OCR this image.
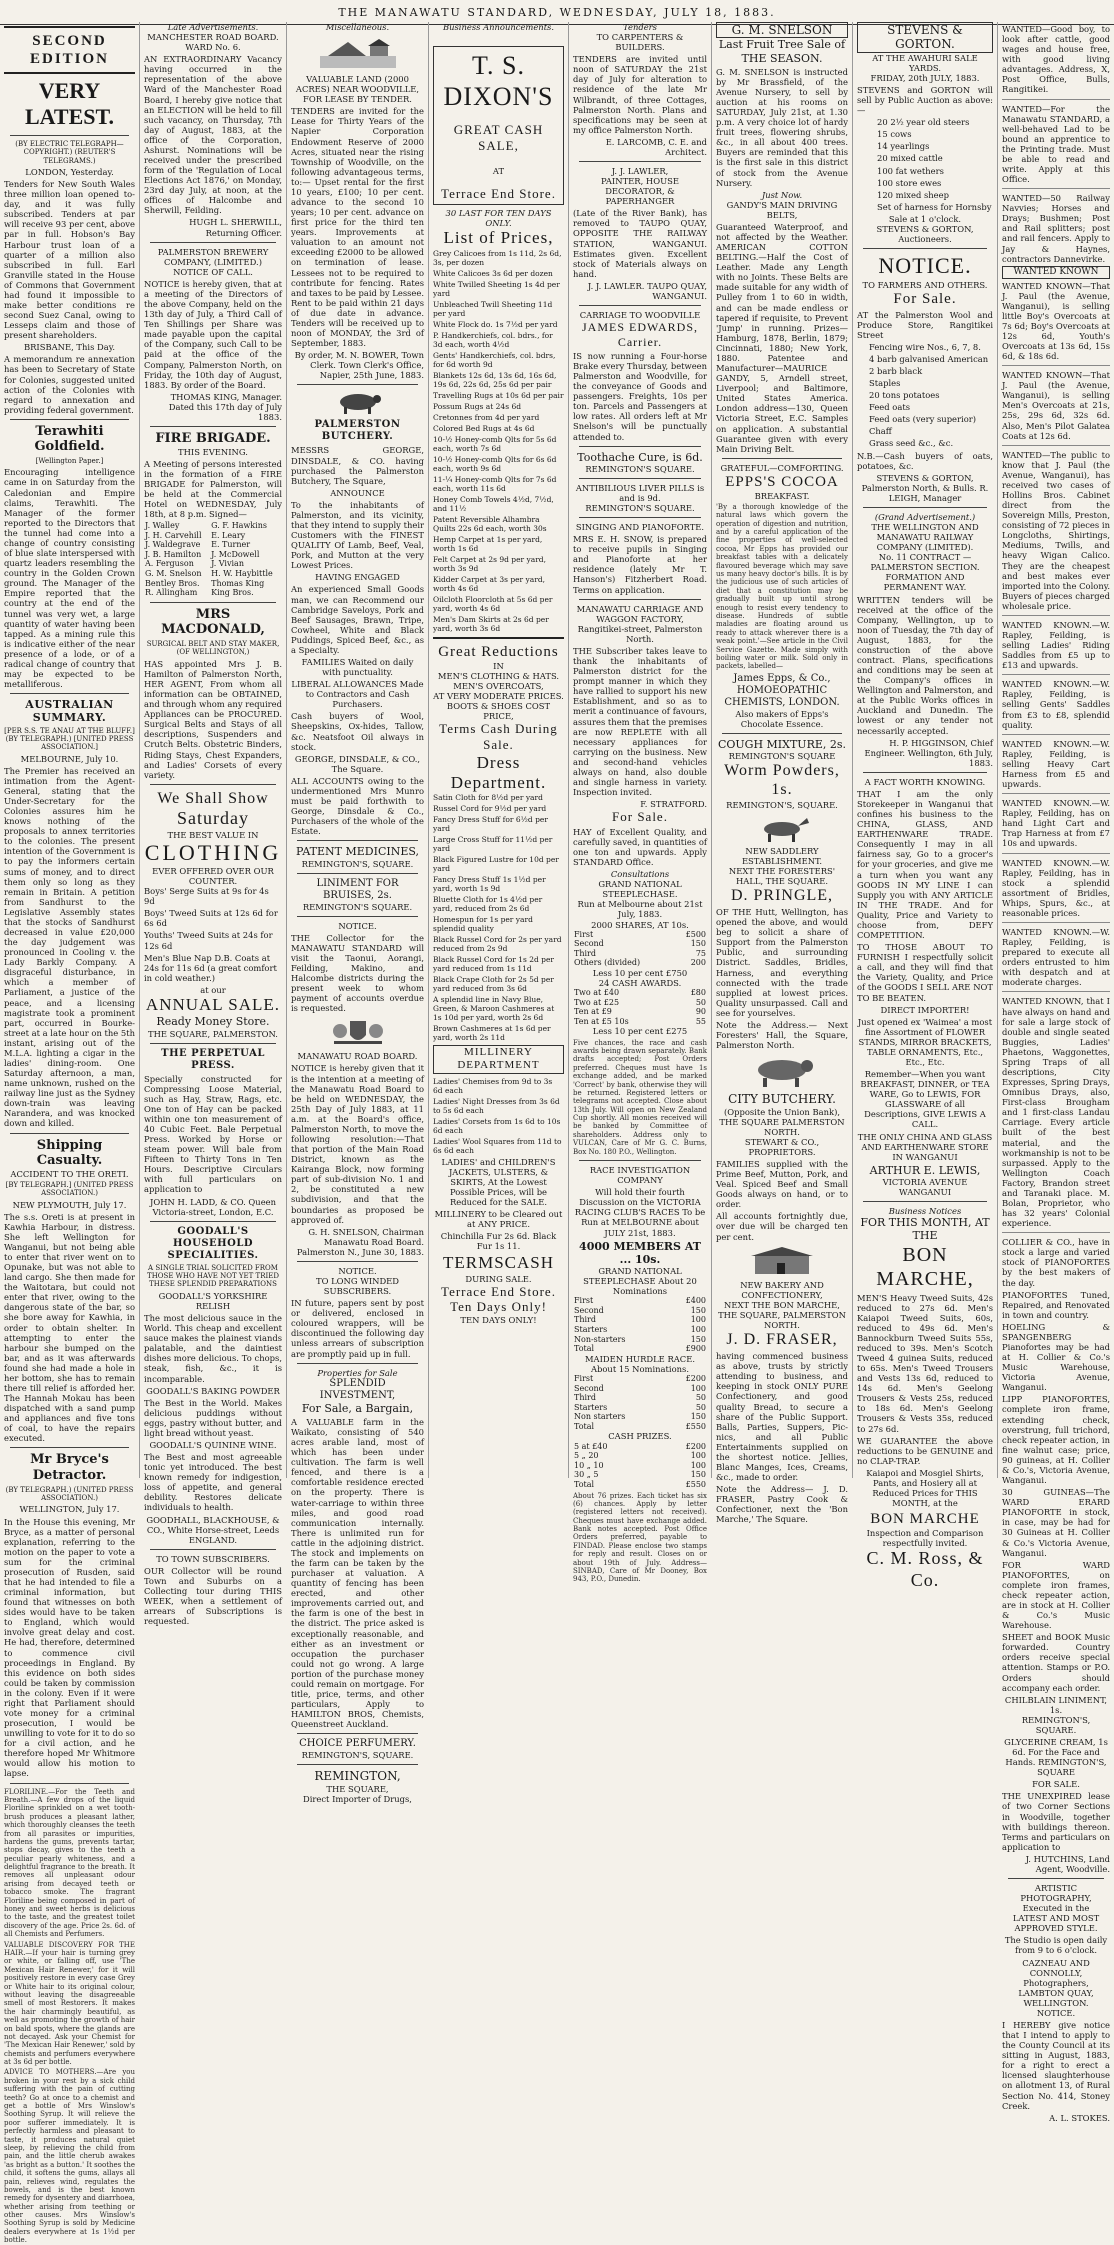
THE MANAWATU STANDARD, WEDNESDAY, JULY 18, 1883.
SECOND EDITION
VERY LATEST.
(BY ELECTRIC TELEGRAPH—COPYRIGHT.) (REUTER'S TELEGRAMS.)
LONDON, Yesterday.

Tenders for New South Wales three million loan opened to-day, and it was fully subscribed. Tenders at par will receive 93 per cent, above par in full. Hobson's Bay Harbour trust loan of a quarter of a million also subscribed in full. Earl Granville stated in the House of Commons that Government had found it impossible to make better conditions re second Suez Canal, owing to Lesseps claim and those of present shareholders.

BRISBANE, This Day.

A memorandum re annexation has been to Secretary of State for Colonies, suggested united action of the Colonies with regard to annexation and providing federal government.

Terawhiti Goldfield.
[Wellington Paper.]

Encouraging intelligence came in on Saturday from the Caledonian and Empire claims, Terawhiti. The Manager of the former reported to the Directors that the tunnel had come into a change of country consisting of blue slate interspersed with quartz leaders resembling the country in the Golden Crown ground. The Manager of the Empire reported that the country at the end of the tunnel was very wet, a large quantity of water having been tapped. As a mining rule this is indicative either of the near presence of a lode, or of a radical change of country that may be expected to be metalliferous.

AUSTRALIAN SUMMARY.
[PER S.S. TE ANAU AT THE BLUFF.] (BY TELEGRAPH.) [UNITED PRESS ASSOCIATION.]
MELBOURNE, July 10.

The Premier has received an intimation from the Agent-General, stating that the Under-Secretary for the Colonies assures him he knows nothing of the proposals to annex territories to the colonies. The present intention of the Government is to pay the informers certain sums of money, and to direct them only so long as they remain in Britain. A petition from Sandhurst to the Legislative Assembly states that the stocks of Sandhurst decreased in value £20,000 the day judgement was pronounced in Cooling v. the Lady Barkly Company. A disgraceful disturbance, in which a member of Parliament, a justice of the peace, and a licensing magistrate took a prominent part, occurred in Bourke-street at a late hour on the 5th instant, arising out of the M.L.A. lighting a cigar in the ladies' dining-room. One Saturday afternoon, a man, name unknown, rushed on the railway line just as the Sydney down-train was leaving Narandera, and was knocked down and killed.

Shipping Casualty.
ACCIDENT TO THE ORETI.
[BY TELEGRAPH.] (UNITED PRESS ASSOCIATION.)
NEW PLYMOUTH, July 17.

The s.s. Oreti is at present in Kawhia Harbour, in distress. She left Wellington for Wanganui, but not being able to enter that river went on to Opunake, but was not able to land cargo. She then made for the Waitotara, but could not enter that river, owing to the dangerous state of the bar, so she bore away for Kawhia, in order to obtain shelter. In attempting to enter the harbour she bumped on the bar, and as it was afterwards found she had made a hole in her bottom, she has to remain there till relief is afforded her. The Hannah Mokau has been dispatched with a sand pump and appliances and five tons of coal, to have the repairs executed.

Mr Bryce's Detractor.
(BY TELEGRAPH.) (UNITED PRESS ASSOCIATION.)
WELLINGTON, July 17.

In the House this evening, Mr Bryce, as a matter of personal explanation, referring to the motion on the paper to vote a sum for the criminal prosecution of Rusden, said that he had intended to file a criminal information, but found that witnesses on both sides would have to be taken to England, which would involve great delay and cost. He had, therefore, determined to commence civil proceedings in England. By this evidence on both sides could be taken by commission in the colony. Even if it were right that Parliament should vote money for a criminal prosecution, I would be unwilling to vote for it to do so for a civil action, and he therefore hoped Mr Whitmore would allow his motion to lapse.

FLORILINE.—For the Teeth and Breath.—A few drops of the liquid Floriline sprinkled on a wet tooth-brush produces a pleasant lather, which thoroughly cleanses the teeth from all parasites or impurities, hardens the gums, prevents tartar, stops decay, gives to the teeth a peculiar pearly whiteness, and a delightful fragrance to the breath. It removes all unpleasant odour arising from decayed teeth or tobacco smoke. The fragrant Floriline being composed in part of honey and sweet herbs is delicious to the taste, and the greatest toilet discovery of the age. Price 2s. 6d. of all Chemists and Perfumers.

VALUABLE DISCOVERY FOR THE HAIR.—If your hair is turning grey or white, or falling off, use 'The Mexican Hair Renewer,' for it will positively restore in every case Grey or White hair to its original colour, without leaving the disagreeable smell of most Restorers. It makes the hair charmingly beautiful, as well as promoting the growth of hair on bald spots, where the glands are not decayed. Ask your Chemist for 'The Mexican Hair Renewer,' sold by chemists and perfumers everywhere at 3s 6d per bottle.

ADVICE TO MOTHERS.—Are you broken in your rest by a sick child suffering with the pain of cutting teeth? Go at once to a chemist and get a bottle of Mrs Winslow's Soothing Syrup. It will relieve the poor sufferer immediately. It is perfectly harmless and pleasant to taste, it produces natural quiet sleep, by relieving the child from pain, and the little cherub awakes 'as bright as a button.' It soothes the child, it softens the gums, allays all pain, relieves wind, regulates the bowels, and is the best known remedy for dysentery and diarrhoea, whether arising from teething or other causes. Mrs Winslow's Soothing Syrup is sold by Medicine dealers everywhere at 1s 1½d per bottle.

Late Advertisements.
MANCHESTER ROAD BOARD.
WARD No. 6.

AN EXTRAORDINARY Vacancy having occurred in the representation of the above Ward of the Manchester Road Board, I hereby give notice that an ELECTION will be held to fill such vacancy, on Thursday, 7th day of August, 1883, at the office of the Corporation, Ashurst. Nominations will be received under the prescribed form of the 'Regulation of Local Elections Act 1876,' on Monday, 23rd day July, at noon, at the offices of Halcombe and Sherwill, Feilding.

HUGH L. SHERWILL, Returning Officer.
PALMERSTON BREWERY COMPANY, (LIMITED.)
NOTICE OF CALL.

NOTICE is hereby given, that at a meeting of the Directors of the above Company, held on the 13th day of July, a Third Call of Ten Shillings per Share was made payable upon the capital of the Company, such Call to be paid at the office of the Company, Palmerston North, on Friday, the 10th day of August, 1883. By order of the Board.

THOMAS KING, Manager. Dated this 17th day of July 1883.
FIRE BRIGADE.
THIS EVENING.

A Meeting of persons interested in the formation of a FIRE BRIGADE for Palmerston, will be held at the Commercial Hotel on WEDNESDAY, July 18th, at 8 p.m. Signed—

J. Walley	G. F. Hawkins
J. H. Carvehill	E. Leary
J. Waldegrave	E. Turner
J. B. Hamilton	J. McDowell
A. Ferguson	J. Vivian
G. M. Snelson	H. W. Haybittle
Bentley Bros.	Thomas King
R. Allingham	King Bros.
MRS MACDONALD,
SURGICAL BELT AND STAY MAKER, (OF WELLINGTON,)

HAS appointed Mrs J. B. Hamilton of Palmerston North, HER AGENT, From whom all information can be OBTAINED, and through whom any required Appliances can be PROCURED. Surgical Belts and Stays of all descriptions, Suspenders and Crutch Belts. Obstetric Binders, Riding Stays, Chest Expanders, and Ladies' Corsets of every variety.

We Shall Show
Saturday
THE BEST VALUE IN
CLOTHING
EVER OFFERED OVER OUR COUNTER.
Boys' Serge Suits at 9s for 4s 9d
Boys' Tweed Suits at 12s 6d for 6s 6d
Youths' Tweed Suits at 24s for 12s 6d
Men's Blue Nap D.B. Coats at 24s for 11s 6d (a great comfort in cold weather.)
at our
ANNUAL SALE.
Ready Money Store.
THE SQUARE, PALMERSTON.
THE PERPETUAL PRESS.

Specially constructed for Compressing Loose Material, such as Hay, Straw, Rags, etc. One ton of Hay can be packed within one ton measurement of 40 Cubic Feet. Bale Perpetual Press. Worked by Horse or steam power. Will bale from Fifteen to Thirty Tons in Ten Hours. Descriptive Circulars with full particulars on application to

JOHN H. LADD, & CO. Queen Victoria-street, London, E.C.
GOODALL'S HOUSEHOLD SPECIALITIES.
A SINGLE TRIAL SOLICITED FROM THOSE WHO HAVE NOT YET TRIED THESE SPLENDID PREPARATIONS
GOODALL'S YORKSHIRE RELISH

The most delicious sauce in the World. This cheap and excellent sauce makes the plainest viands palatable, and the daintiest dishes more delicious. To chops, steak, fish, &c., it is incomparable.

GOODALL'S BAKING POWDER

The Best in the World. Makes delicious puddings without eggs, pastry without butter, and light bread without yeast.

GOODALL'S QUININE WINE.

The Best and most agreeable tonic yet introduced. The best known remedy for indigestion, loss of appetite, and general debility. Restores delicate individuals to health.

GOODHALL, BLACKHOUSE, & CO., White Horse-street, Leeds ENGLAND.
TO TOWN SUBSCRIBERS.

OUR Collector will be round Town and Suburbs on a Collecting tour during THIS WEEK, when a settlement of arrears of Subscriptions is requested.

Miscellaneous.
VALUABLE LAND (2000 ACRES) NEAR WOODVILLE, FOR LEASE BY TENDER.

TENDERS are invited for the Lease for Thirty Years of the Napier Corporation Endowment Reserve of 2000 Acres, situated near the rising Township of Woodville, on the following advantageous terms, to:— Upset rental for the first 10 years, £100; 10 per cent. advance to the second 10 years; 10 per cent. advance on first price for the third ten years. Improvements at valuation to an amount not exceeding £2000 to be allowed on termination of lease. Lessees not to be required to contribute for fencing. Rates and taxes to be paid by Lessee. Rent to be paid within 21 days of due date in advance. Tenders will be received up to noon of MONDAY, the 3rd of September, 1883.

By order, M. N. BOWER, Town Clerk. Town Clerk's Office, Napier, 25th June, 1883.
PALMERSTON BUTCHERY.

MESSRS GEORGE, DINSDALE, & CO. having purchased the Palmerston Butchery, The Square,

ANNOUNCE

To the inhabitants of Palmerston, and its vicinity, that they intend to supply their Customers with the FINEST QUALITY Of Lamb, Beef, Veal, Pork, and Mutton at the very Lowest Prices.

HAVING ENGAGED

An experienced Small Goods man, we can Recommend our Cambridge Saveloys, Pork and Beef Sausages, Brawn, Tripe, Cowheel, White and Black Puddings, Spiced Beef, &c., as a Specialty.

FAMILIES Waited on daily with punctuality.

LIBERAL ALLOWANCES Made to Contractors and Cash Purchasers.

Cash buyers of Wool, Sheepskins, Ox-hides, Tallow, &c. Neatsfoot Oil always in stock.

GEORGE, DINSDALE, & CO., The Square.

ALL ACCOUNTS owing to the undermentioned Mrs Munro must be paid forthwith to George, Dinsdale & Co., Purchasers of the whole of the Estate.

PATENT MEDICINES,
REMINGTON'S, SQUARE.
LINIMENT FOR BRUISES, 2s.
REMINGTON'S SQUARE.
NOTICE.

THE Collector for the MANAWATU STANDARD will visit the Taonui, Aorangi, Feilding, Makino, and Halcombe districts during the present week to whom payment of accounts overdue is requested.

MANAWATU ROAD BOARD.

NOTICE is hereby given that it is the intention at a meeting of the Manawatu Road Board to be held on WEDNESDAY, the 25th Day of July 1883, at 11 a.m. at the Board's office, Palmerston North, to move the following resolution:—That that portion of the Main Road District, known as the Kairanga Block, now forming part of sub-division No. 1 and 2, be constituted a new subdivision, and that the boundaries as proposed be approved of.

G. H. SNELSON, Chairman Manawatu Road Board. Palmerston N., June 30, 1883.
NOTICE.
TO LONG WINDED SUBSCRIBERS.

IN future, papers sent by post or delivered, enclosed in coloured wrappers, will be discontinued the following day unless arrears of subscription are promptly paid up in full.

Properties for Sale
SPLENDID INVESTMENT,
For Sale, a Bargain,

A VALUABLE farm in the Waikato, consisting of 540 acres arable land, most of which has been under cultivation. The farm is well fenced, and there is a comfortable residence erected on the property. There is water-carriage to within three miles, and good road communication internally. There is unlimited run for cattle in the adjoining district. The stock and implements on the farm can be taken by the purchaser at valuation. A quantity of fencing has been erected, and other improvements carried out, and the farm is one of the best in the district. The price asked is exceptionally reasonable, and either as an investment or occupation the purchaser could not go wrong. A large portion of the purchase money could remain on mortgage. For title, price, terms, and other particulars, Apply to HAMILTON BROS, Chemists, Queenstreet Auckland.

CHOICE PERFUMERY.
REMINGTON'S, SQUARE.
REMINGTON,
THE SQUARE,
Direct Importer of Drugs,
Business Announcements.
T. S. DIXON'S
GREAT CASH SALE,
AT
Terrace End Store.
30 LAST FOR TEN DAYS ONLY.
List of Prices,
Grey Calicoes from 1s 11d, 2s 6d, 3s, per dozen
White Calicoes 3s 6d per dozen
White Twilled Sheeting 1s 4d per yard
Unbleached Twill Sheeting 11d per yard
White Flock do. 1s 7½d per yard
P. Handkerchiefs, col. bdrs., for 3d each, worth 4½d
Gents' Handkerchiefs, col. bdrs, for 6d worth 9d
Blankets 12s 6d, 13s 6d, 16s 6d, 19s 6d, 22s 6d, 25s 6d per pair
Travelling Rugs at 10s 6d per pair
Possum Rugs at 24s 6d
Cretonnes from 4d per yard
Colored Bed Rugs at 4s 6d
10-½ Honey-comb Qlts for 5s 6d each, worth 7s 6d
10-½ Honey-comb Qlts for 6s 6d each, worth 9s 6d
11-¼ Honey-comb Qlts for 7s 6d each, worth 11s 6d
Honey Comb Towels 4½d, 7½d, and 11½
Patent Reversible Alhambra Quilts 22s 6d each, worth 30s
Hemp Carpet at 1s per yard, worth 1s 6d
Felt Carpet at 2s 9d per yard, worth 3s 9d
Kidder Carpet at 3s per yard, worth 4s 6d
Oilcloth Floorcloth at 5s 6d per yard, worth 4s 6d
Men's Dam Skirts at 2s 6d per yard, worth 3s 6d
Great Reductions
IN
MEN'S CLOTHING & HATS.
MEN'S OVERCOATS,
AT VERY MODERATE PRICES.
BOOTS & SHOES COST PRICE,
Terms Cash During Sale.
Dress Department.
Satin Cloth for 8½d per yard
Russel Cord for 9½d per yard
Fancy Dress Stuff for 6½d per yard
Large Cross Stuff for 11½d per yard
Black Figured Lustre for 10d per yard
Fancy Dress Stuff 1s 1½d per yard, worth 1s 9d
Bluette Cloth for 1s 4½d per yard, reduced from 2s 6d
Homespun for 1s per yard splendid quality
Black Russel Cord for 2s per yard reduced from 2s 9d
Black Russel Cord for 1s 2d per yard reduced from 1s 11d
Black Crape Cloth for 2s 5d per yard reduced from 3s 6d
A splendid line in Navy Blue, Green, & Maroon Cashmeres at 1s 10d per yard, worth 2s 6d
Brown Cashmeres at 1s 6d per yard, worth 2s 11d
MILLINERY DEPARTMENT
Ladies' Chemises from 9d to 3s 6d each
Ladies' Night Dresses from 3s 6d to 5s 6d each
Ladies' Corsets from 1s 6d to 10s 6d each
Ladies' Wool Squares from 11d to 6s 6d each

LADIES' and CHILDREN'S JACKETS, ULSTERS, & SKIRTS, At the Lowest Possible Prices, will be Reduced for the SALE.

MILLINERY to be Cleared out at ANY PRICE.

Chinchilla Fur 2s 6d. Black Fur 1s 11.

TERMSCASH
DURING SALE.
Terrace End Store.
Ten Days Only!
TEN DAYS ONLY!
Tenders
TO CARPENTERS & BUILDERS.

TENDERS are invited until noon of SATURDAY the 21st day of July for alteration to residence of the late Mr Wilbrandt, of three Cottages, Palmerston North. Plans and specifications may be seen at my office Palmerston North.

E. LARCOMB, C. E. and Architect.
J. J. LAWLER,
PAINTER, HOUSE DECORATOR, & PAPERHANGER

(Late of the River Bank), has removed to TAUPO QUAY, OPPOSITE THE RAILWAY STATION, WANGANUI. Estimates given. Excellent stock of Materials always on hand.

J. J. LAWLER. TAUPO QUAY, WANGANUI.
CARRIAGE TO WOODVILLE
JAMES EDWARDS, Carrier.

IS now running a Four-horse Brake every Thursday, between Palmerston and Woodville, for the conveyance of Goods and passengers. Freights, 10s per ton. Parcels and Passengers at low rates. All orders left at Mr Snelson's will be punctually attended to.

Toothache Cure, is 6d.
REMINGTON'S SQUARE.
ANTIBILIOUS LIVER PILLS is and is 9d.
REMINGTON'S SQUARE.
SINGING AND PIANOFORTE.

MRS E. H. SNOW, is prepared to receive pupils in Singing and Pianoforte at her residence (lately Mr T. Hanson's) Fitzherbert Road. Terms on application.

MANAWATU CARRIAGE AND WAGGON FACTORY,
Rangitikei-street, Palmerston North.

THE Subscriber takes leave to thank the inhabitants of Palmerston district for the prompt manner in which they have rallied to support his new Establishment, and so as to merit a continuance of favours, assures them that the premises are now REPLETE with all necessary appliances for carrying on the business. New and second-hand vehicles always on hand, also double and single harness in variety. Inspection invited.

F. STRATFORD.
For Sale.

HAY of Excellent Quality, and carefully saved, in quantities of one ton and upwards. Apply STANDARD Office.

Consultations
GRAND NATIONAL STEEPLECHASE.
Run at Melbourne about 21st July, 1883.
2000 SHARES, AT 10s.
First	£500
Second	150
Third	75
Others (divided)	200
Less 10 per cent £750
24 CASH AWARDS.
Two at £40	£80
Two at £25	50
Ten at £9	90
Ten at £5 10s	55
Less 10 per cent £275

Five chances, the race and cash awards being drawn separately. Bank drafts accepted; Post Orders preferred. Cheques must have 1s exchange added, and be marked 'Correct' by bank, otherwise they will be returned. Registered letters or telegrams not accepted. Close about 13th July. Will open on New Zealand Cup shortly. All monies received will be banked by Committee of shareholders. Address only to VULCAN, Care of Mr G. C. Burns, Box No. 180 P.O., Wellington.

RACE INVESTIGATION COMPANY

Will hold their fourth Discussion on the VICTORIA RACING CLUB'S RACES To be Run at MELBOURNE about JULY 21st, 1883.

4000 MEMBERS AT ... 10s.
GRAND NATIONAL STEEPLECHASE About 20 Nominations
First	£400
Second	150
Third	100
Starters	100
Non-starters	150
Total	£900
MAIDEN HURDLE RACE. About 15 Nominations.
First	£200
Second	100
Third	50
Starters	50
Non starters	150
Total	£550
CASH PRIZES.
5 at £40	£200
5 „ 20	100
10 „ 10	100
30 „ 5	150
Total	£550

About 76 prizes. Each ticket has six (6) chances. Apply by letter (registered letters not received). Cheques must have exchange added. Bank notes accepted. Post Office Orders preferred, payable to FINDAD. Please enclose two stamps for reply and result. Closes on or about 19th of July. Address— SINBAD, Care of Mr Dooney, Box 943, P.O., Dunedin.

G. M. SNELSON
Last Fruit Tree Sale of THE SEASON.

G. M. SNELSON is instructed by Mr Brassfield, of the Avenue Nursery, to sell by auction at his rooms on SATURDAY, July 21st, at 1.30 p.m. A very choice lot of hardy fruit trees, flowering shrubs, &c., in all about 400 trees. Buyers are reminded that this is the first sale in this district of stock from the Avenue Nursery.

Just Now.
GANDY'S MAIN DRIVING BELTS,

Guaranteed Waterproof, and not affected by the Weather. AMERICAN COTTON BELTING.—Half the Cost of Leather. Made any Length with no Joints. These Belts are made suitable for any width of Pulley from 1 to 60 in width, and can be made endless or tapered if requisite, to Prevent 'Jump' in running. Prizes—Hamburg, 1878, Berlin, 1879; Cincinnati, 1880; New York, 1880. Patentee and Manufacturer—MAURICE GANDY, 5, Arndell street, Liverpool; and Baltimore, United States America. London address—130, Queen Victoria Street, E.C. Samples on application. A substantial Guarantee given with every Main Driving Belt.

GRATEFUL—COMFORTING.
EPPS'S COCOA
BREAKFAST.

'By a thorough knowledge of the natural laws which govern the operation of digestion and nutrition, and by a careful application of the fine properties of well-selected cocoa, Mr Epps has provided our breakfast tables with a delicately flavoured beverage which may save us many heavy doctor's bills. It is by the judicious use of such articles of diet that a constitution may be gradually built up until strong enough to resist every tendency to disease. Hundreds of subtle maladies are floating around us ready to attack wherever there is a weak point.'—See article in the Civil Service Gazette. Made simply with boiling water or milk. Sold only in packets, labelled—

James Epps, & Co., HOMOEOPATHIC CHEMISTS, LONDON.
Also makers of Epps's Chocolate Essence.
COUGH MIXTURE, 2s.
REMINGTON'S SQUARE
Worm Powders, 1s.
REMINGTON'S, SQUARE.
NEW SADDLERY ESTABLISHMENT.
NEXT THE FORESTERS' HALL, THE SQUARE.
D. PRINGLE,

OF THE Hutt, Wellington, has opened the above, and would beg to solicit a share of Support from the Palmerston Public, and surrounding District. Saddles, Bridles, Harness, and everything connected with the trade supplied at lowest prices. Quality unsurpassed. Call and see for yourselves.

Note the Address.— Next Foresters' Hall, the Square, Palmerston North.

CITY BUTCHERY.
(Opposite the Union Bank), THE SQUARE PALMERSTON NORTH.
STEWART & CO., PROPRIETORS.

FAMILIES supplied with the Prime Beef, Mutton, Pork, and Veal. Spiced Beef and Small Goods always on hand, or to order.

All accounts fortnightly due, over due will be charged ten per cent.

NEW BAKERY AND CONFECTIONERY,
NEXT THE BON MARCHE, THE SQUARE, PALMERSTON NORTH.
J. D. FRASER,

having commenced business as above, trusts by strictly attending to business, and keeping in stock ONLY PURE Confectionery, and good quality Bread, to secure a share of the Public Support. Balls, Parties, Suppers, Pic-nics, and all Public Entertainments supplied on the shortest notice. Jellies, Blanc Manges, Ices, Creams, &c., made to order.

Note the Address— J. D. FRASER, Pastry Cook & Confectioner, next the 'Bon Marche,' The Square.

STEVENS & GORTON.
AT THE AWAHURI SALE YARDS.
FRIDAY, 20th JULY, 1883.

STEVENS and GORTON will sell by Public Auction as above:—

20 2½ year old steers
15 cows
14 yearlings
20 mixed cattle
100 fat wethers
100 store ewes
120 mixed sheep
Set of harness for Hornsby
Sale at 1 o'clock.
STEVENS & GORTON, Auctioneers.
NOTICE.
TO FARMERS AND OTHERS.
For Sale.

AT the Palmerston Wool and Produce Store, Rangitikei Street

Fencing wire Nos., 6, 7, 8.
4 barb galvanised American
2 barb black
Staples
20 tons potatoes
Feed oats
Feed oats (very superior)
Chaff
Grass seed &c., &c.

N.B.—Cash buyers of oats, potatoes, &c.

STEVENS & GORTON, Palmerston North, & Bulls. R. LEIGH, Manager
(Grand Advertisement.)
THE WELLINGTON AND MANAWATU RAILWAY COMPANY (LIMITED).
No. 11 CONTRACT — PALMERSTON SECTION.
FORMATION AND PERMANENT WAY.

WRITTEN tenders will be received at the office of the Company, Wellington, up to noon of Tuesday, the 7th day of August, 1883, for the construction of the above contract. Plans, specifications and conditions may be seen at the Company's offices in Wellington and Palmerston, and at the Public Works offices in Auckland and Dunedin. The lowest or any tender not necessarily accepted.

H. P. HIGGINSON, Chief Engineer. Wellington, 6th July, 1883.
A FACT WORTH KNOWING.

THAT I am the only Storekeeper in Wanganui that confines his business to the CHINA, GLASS, AND EARTHENWARE TRADE. Consequently I may in all fairness say, Go to a grocer's for your groceries, and give me a turn when you want any GOODS IN MY LINE I can Supply you with ANY ARTICLE IN THE TRADE. And for Quality, Price and Variety to choose from, DEFY COMPETITION.

TO THOSE ABOUT TO FURNISH I respectfully solicit a call, and they will find that the Variety, Quality, and Price of the GOODS I SELL ARE NOT TO BE BEATEN.

DIRECT IMPORTER!

Just opened ex 'Waimea' a most fine Assortment of FLOWER STANDS, MIRROR BRACKETS, TABLE ORNAMENTS, Etc., Etc., Etc.

Remember—When you want BREAKFAST, DINNER, or TEA WARE, Go to LEWIS, FOR GLASSWARE of all Descriptions, GIVE LEWIS A CALL.

THE ONLY CHINA AND GLASS AND EARTHENWARE STORE IN WANGANUI

ARTHUR E. LEWIS,
VICTORIA AVENUE WANGANUI
Business Notices
FOR THIS MONTH, AT THE
BON MARCHE,

MEN'S Heavy Tweed Suits, 42s reduced to 27s 6d. Men's Kaiapoi Tweed Suits, 60s, reduced to 49s 6d. Men's Bannockburn Tweed Suits 55s, reduced to 39s. Men's Scotch Tweed 4 guinea Suits, reduced to 65s. Men's Tweed Trousers and Vests 13s 6d, reduced to 14s 6d. Men's Geelong Trousers & Vests 25s, reduced to 18s 6d. Men's Geelong Trousers & Vests 35s, reduced to 27s 6d.

WE GUARANTEE the above reductions to be GENUINE and no CLAP-TRAP.

Kaiapoi and Mosgiel Shirts, Pants, and Hosiery all at Reduced Prices for THIS MONTH, at the

BON MARCHE
Inspection and Comparison respectfully invited.
C. M. Ross, & Co.

WANTED—Good boy, to look after cattle, good wages and house free, with good living advantages. Address, X, Post Office, Bulls, Rangitikei.

WANTED—For the Manawatu STANDARD, a well-behaved Lad to be bound an apprentice to the Printing trade. Must be able to read and write. Apply at this Office.

WANTED—50 Railway Navvies; Horses and Drays; Bushmen; Post and Rail splitters; post and rail fencers. Apply to Jay & Haynes, contractors Dannevirke.

WANTED KNOWN

WANTED KNOWN—That J. Paul (the Avenue, Wanganui), is selling little Boy's Overcoats at 7s 6d; Boy's Overcoats at 12s 6d, Youth's Overcoats at 13s 6d, 15s 6d, & 18s 6d.

WANTED KNOWN—That J. Paul (the Avenue, Wanganui), is selling Men's Overcoats at 21s, 25s, 29s 6d, 32s 6d. Also, Men's Pilot Galatea Coats at 12s 6d.

WANTED—The public to know that J. Paul (the Avenue, Wanganui), has received two cases of Hollins Bros. Cabinet direct from the Sovereign Mills, Preston, consisting of 72 pieces in Longcloths, Shirtings, Mediums, Twills, and heavy Wigan Calico. They are the cheapest and best makes ever imported into the Colony. Buyers of pieces charged wholesale price.

WANTED KNOWN.—W. Rapley, Feilding, is selling Ladies' Riding Saddles from £5 up to £13 and upwards.

WANTED KNOWN.—W. Rapley, Feilding, is selling Gents' Saddles from £3 to £8, splendid quality.

WANTED KNOWN.—W. Rapley, Feilding, is selling Heavy Cart Harness from £5 and upwards.

WANTED KNOWN.—W. Rapley, Feilding, has on hand Light Cart and Trap Harness at from £7 10s and upwards.

WANTED KNOWN.—W. Rapley, Feilding, has in stock a splendid assortment of Bridles, Whips, Spurs, &c., at reasonable prices.

WANTED KNOWN.—W. Rapley, Feilding, is prepared to execute all orders entrusted to him with despatch and at moderate charges.

WANTED KNOWN, that I have always on hand and for sale a large stock of double and single seated Buggies, Ladies' Phaetons, Waggonettes, Spring Traps of all descriptions, City Expresses, Spring Drays, Omnibus Drays, also, First-class Brougham and 1 first-class Landau Carriage. Every article built of the best material, and the workmanship is not to be surpassed. Apply to the Wellington Coach Factory, Brandon street and Taranaki place. M. Bolan, Proprietor, who has 32 years' Colonial experience.

COLLIER & CO., have in stock a large and varied stock of PIANOFORTES by the best makers of the day.

PIANOFORTES Tuned, Repaired, and Renovated in town and country.

HOELING & SPANGENBERG Pianofortes may be had at H. Collier & Co.'s Music Warehouse, Victoria Avenue, Wanganui.

LIPP PIANOFORTES, complete iron frame, extending check, overstrung, full trichord, check repeater action, in fine walnut case; price, 90 guineas, at H. Collier & Co.'s, Victoria Avenue, Wanganui.

30 GUINEAS—The WARD ERARD PIANOFORTE in stock, in case, may be had for 30 Guineas at H. Collier & Co.'s Victoria Avenue, Wanganui.

FOR WARD PIANOFORTES, on complete iron frames, check repeater action, are in stock at H. Collier & Co.'s Music Warehouse.

SHEET and BOOK Music forwarded. Country orders receive special attention. Stamps or P.O. Orders should accompany each order.

CHILBLAIN LINIMENT, 1s.
REMINGTON'S, SQUARE.

GLYCERINE CREAM, 1s 6d. For the Face and Hands. REMINGTON'S, SQUARE

FOR SALE.

THE UNEXPIRED lease of two Corner Sections in Woodville, together with buildings thereon. Terms and particulars on application to

J. HUTCHINS, Land Agent, Woodville.
ARTISTIC PHOTOGRAPHY,
Executed in the
LATEST AND MOST APPROVED STYLE.

The Studio is open daily from 9 to 6 o'clock.

CAZNEAU AND CONNOLLY, Photographers,
LAMBTON QUAY,
WELLINGTON.
NOTICE.

I HEREBY give notice that I intend to apply to the County Council at its sitting in August, 1883, for a right to erect a licensed slaughterhouse on allotment 13, of Rural Section No. 414, Stoney Creek.

A. L. STOKES.
